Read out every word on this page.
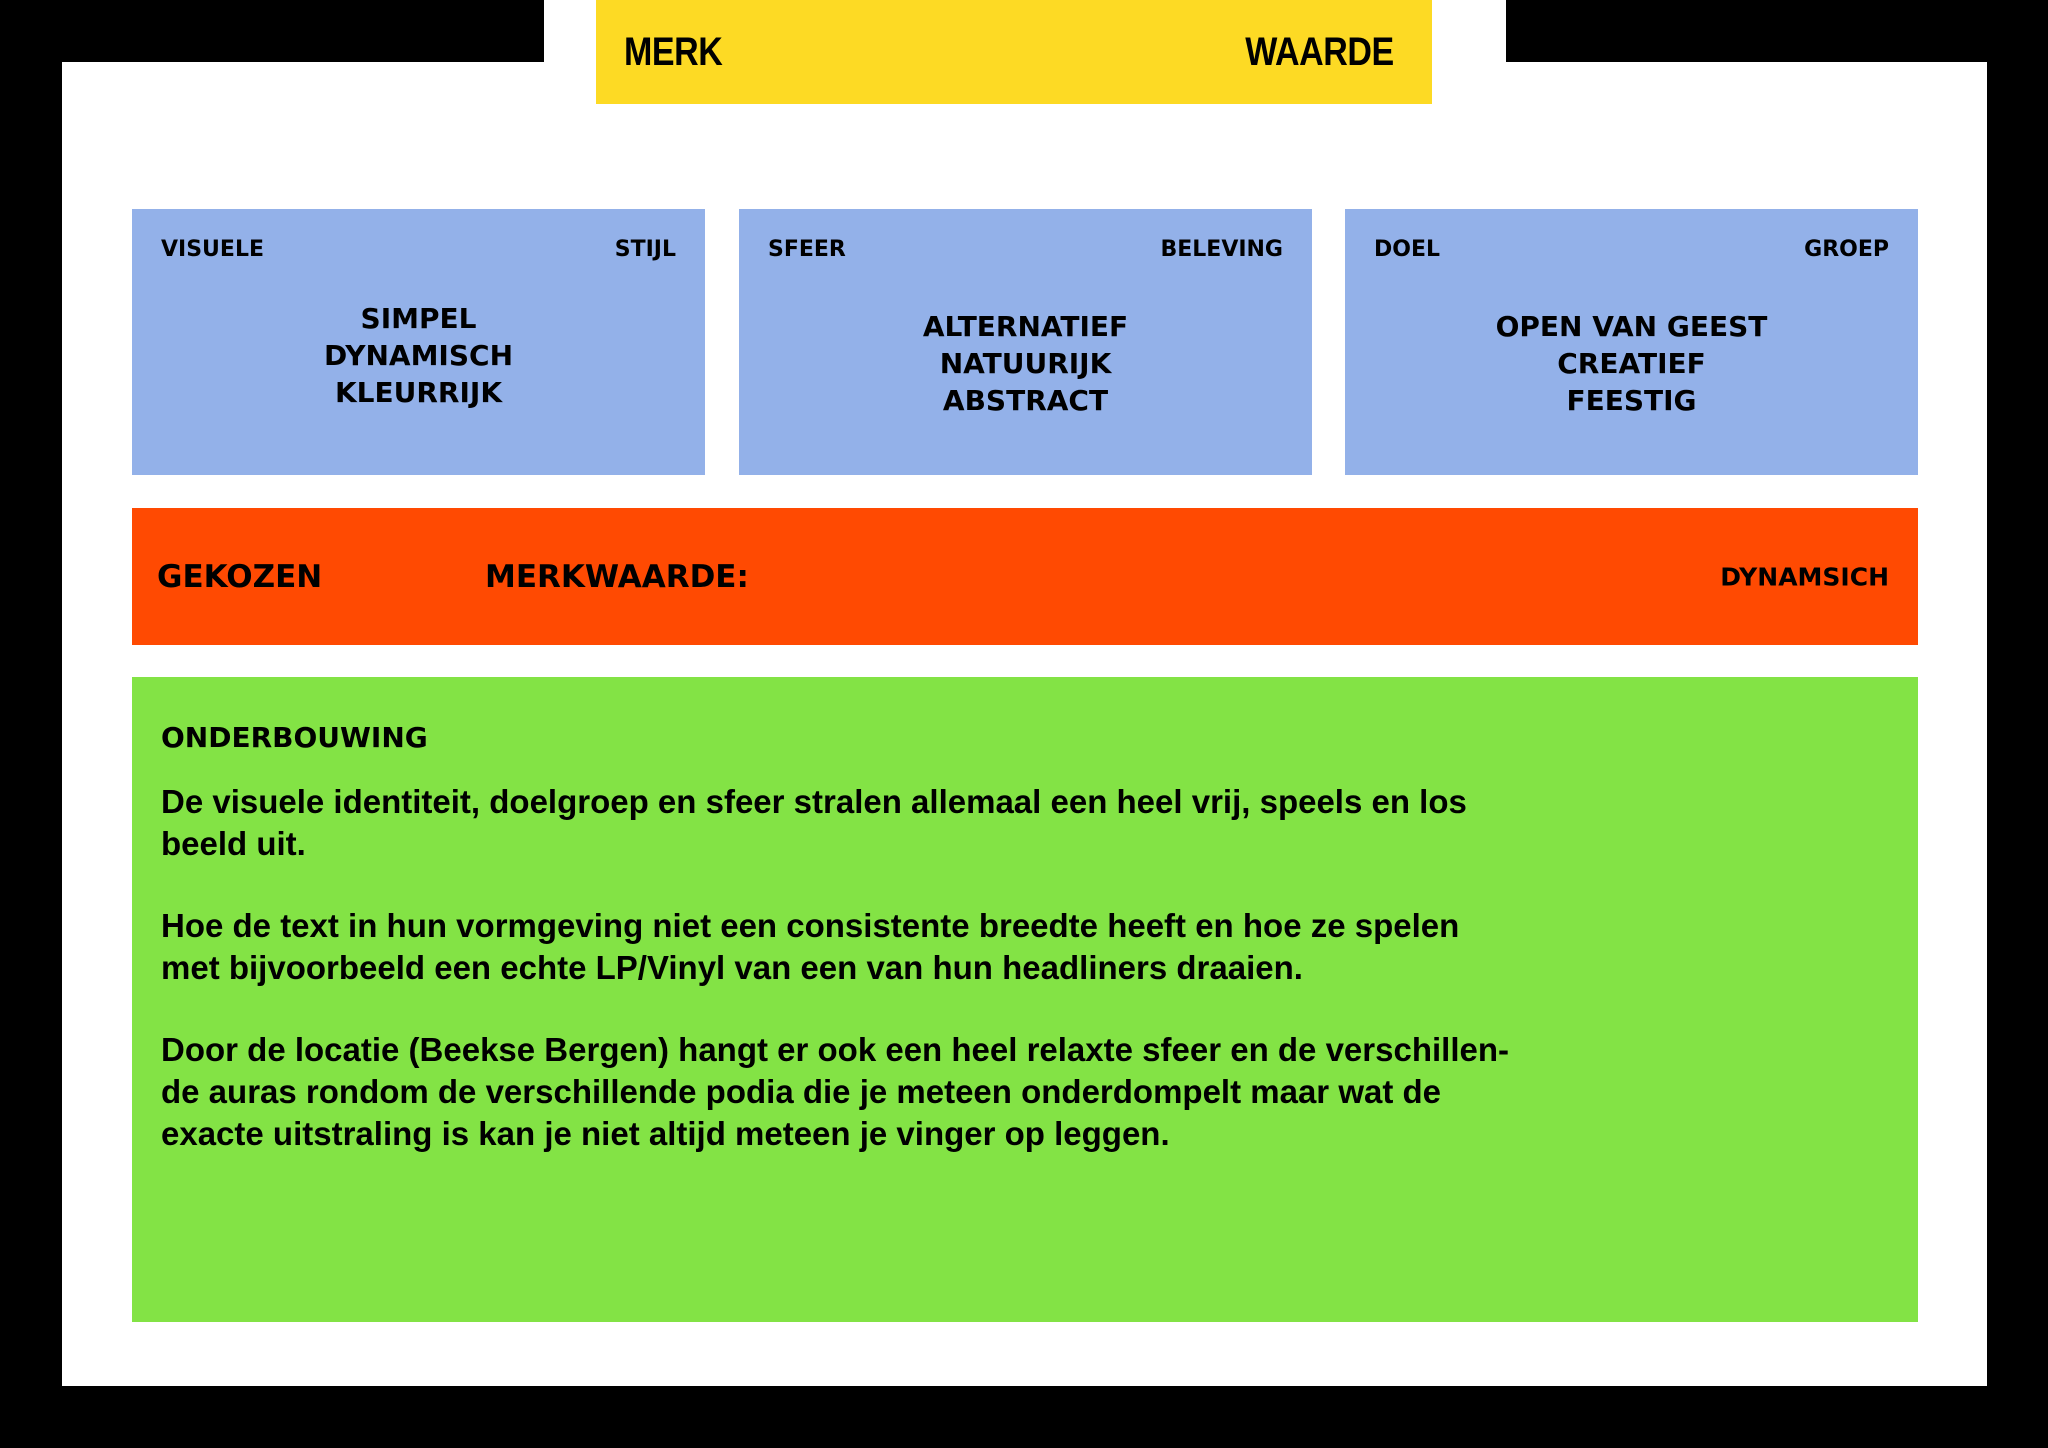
MERK	WAARDE
VISUELE	STIJL
SIMPEL
DYNAMISCH
KLEURRIJK
SFEER	BELEVING
ALTERNATIEF
NATUURIJK
ABSTRACT
DOEL	GROEP
OPEN VAN GEEST
CREATIEF
FEESTIG
GEKOZEN	MERKWAARDE:	DYNAMSICH
ONDERBOUWING
De visuele identiteit, doelgroep en sfeer stralen allemaal een heel vrij, speels en los
beeld uit.
Hoe de text in hun vormgeving niet een consistente breedte heeft en hoe ze spelen
met bijvoorbeeld een echte LP/Vinyl van een van hun headliners draaien.
Door de locatie (Beekse Bergen) hangt er ook een heel relaxte sfeer en de verschillen-
de auras rondom de verschillende podia die je meteen onderdompelt maar wat de
exacte uitstraling is kan je niet altijd meteen je vinger op leggen.
